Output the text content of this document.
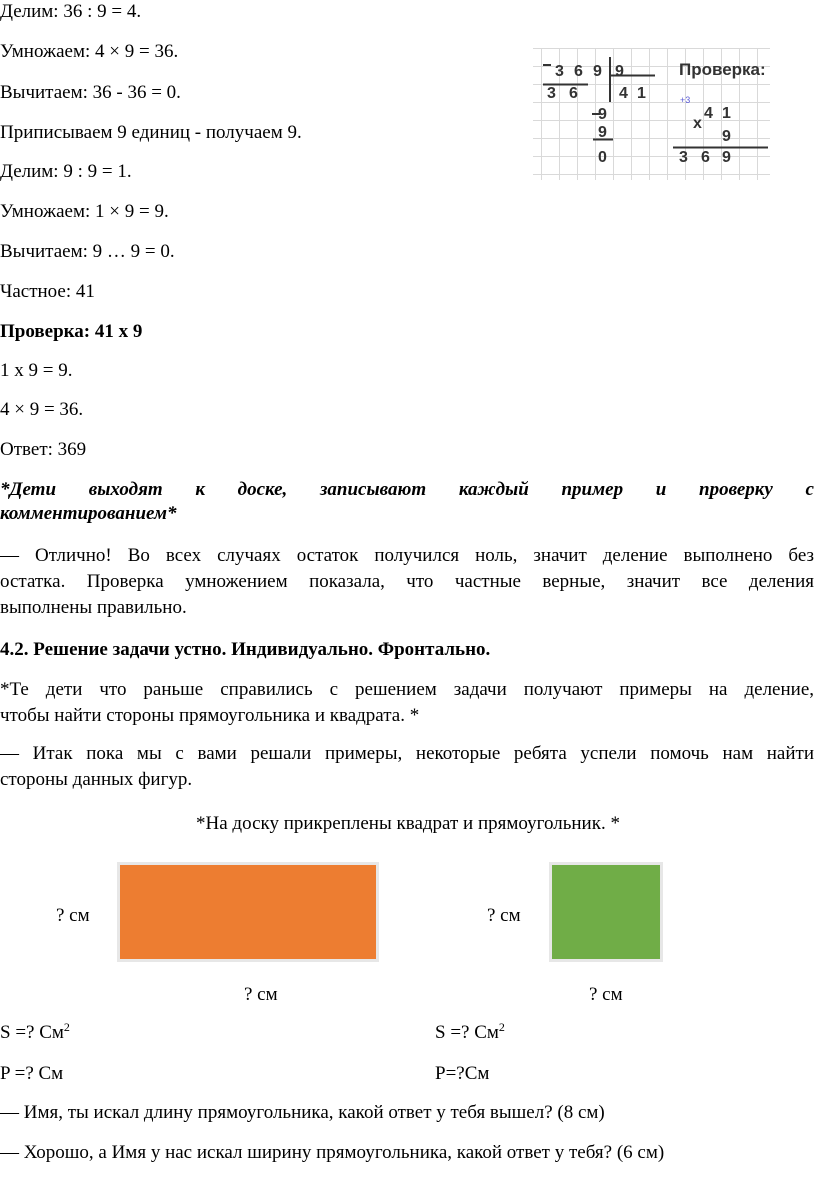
Делим: 36 : 9 = 4.
Умножаем: 4 × 9 = 36.
Вычитаем: 36 - 36 = 0.
Приписываем 9 единиц - получаем 9.
Делим: 9 : 9 = 1.
Умножаем: 1 × 9 = 9.
Вычитаем: 9 … 9 = 0.
Частное: 41
Проверка: 41 х 9
1 х 9 = 9.
4 × 9 = 36.
Ответ: 369
3 6 9 9
3 6	4 1
9
9
0
Проверка:
4 1
x
9
3 6 9
+3
*Дети выходят к доске, записывают каждый пример и проверку с
комментированием*
— Отлично! Во всех случаях остаток получился ноль, значит деление выполнено без
остатка. Проверка умножением показала, что частные верные, значит все деления
выполнены правильно.
4.2. Решение задачи устно. Индивидуально. Фронтально.
*Те дети что раньше справились с решением задачи получают примеры на деление,
чтобы найти стороны прямоугольника и квадрата. *
— Итак пока мы с вами решали примеры, некоторые ребята успели помочь нам найти
стороны данных фигур.
*На доску прикреплены квадрат и прямоугольник. *
? см
? см
? см
? см
S =? $См^2$
P =? См
S =? $См^2$
P=?См
— Имя, ты искал длину прямоугольника, какой ответ у тебя вышел? (8 см)
— Хорошо, а Имя у нас искал ширину прямоугольника, какой ответ у тебя? (6 см)
